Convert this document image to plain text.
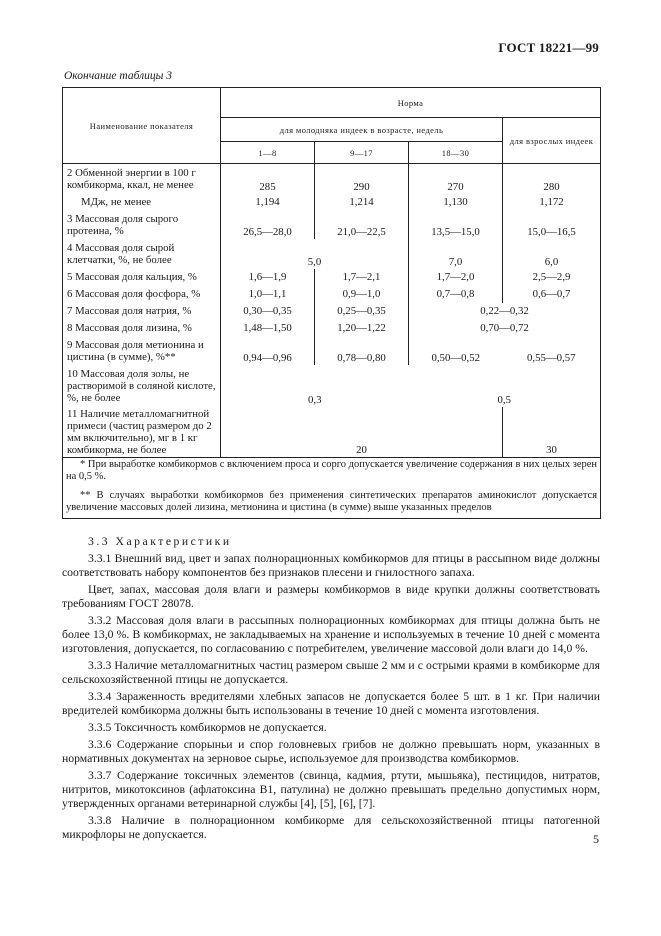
ГОСТ 18221—99
Окончание таблицы 3
Наименование показателя	Норма			
	для молодняка индеек в возрасте, недель			для взрослых индеек
	1—8	9—17	18—30	
2 Обменной энергии в 100 г комбикорма, ккал, не менее	285	290	270	280
МДж, не менее	1,194	1,214	1,130	1,172
3 Массовая доля сырого протеина, %	26,5—28,0	21,0—22,5	13,5—15,0	15,0—16,5
4 Массовая доля сырой клетчатки, %, не более	5,0		7,0	6,0
5 Массовая доля кальция, %	1,6—1,9	1,7—2,1	1,7—2,0	2,5—2,9
6 Массовая доля фосфора, %	1,0—1,1	0,9—1,0	0,7—0,8	0,6—0,7
7 Массовая доля натрия, %	0,30—0,35	0,25—0,35	0,22—0,32	
8 Массовая доля лизина, %	1,48—1,50	1,20—1,22	0,70—0,72	
9 Массовая доля метионина и цистина (в сумме), %**	0,94—0,96	0,78—0,80	0,50—0,52	0,55—0,57
10 Массовая доля золы, не растворимой в соляной кислоте, %, не более	0,3		0,5	
11 Наличие металломагнитной примеси (частиц размером до 2 мм включительно), мг в 1 кг комбикорма, не более	20			30

* При выработке комбикормов с включением проса и сорго допускается увеличение содержания в них целых зерен на 0,5 %.

** В случаях выработки комбикормов без применения синтетических препаратов аминокислот допускается увеличение массовых долей лизина, метионина и цистина (в сумме) выше указанных пределов				

3.3 Характеристики

3.3.1 Внешний вид, цвет и запах полнорационных комбикормов для птицы в рассыпном виде должны соответствовать набору компонентов без признаков плесени и гнилостного запаха.

Цвет, запах, массовая доля влаги и размеры комбикормов в виде крупки должны соответствовать требованиям ГОСТ 28078.

3.3.2 Массовая доля влаги в рассыпных полнорационных комбикормах для птицы должна быть не более 13,0 %. В комбикормах, не закладываемых на хранение и используемых в течение 10 дней с момента изготовления, допускается, по согласованию с потребителем, увеличение массовой доли влаги до 14,0 %.

3.3.3 Наличие металломагнитных частиц размером свыше 2 мм и с острыми краями в комбикорме для сельскохозяйственной птицы не допускается.

3.3.4 Зараженность вредителями хлебных запасов не допускается более 5 шт. в 1 кг. При наличии вредителей комбикорма должны быть использованы в течение 10 дней с момента изготовления.

3.3.5 Токсичность комбикормов не допускается.

3.3.6 Содержание спорыньи и спор головневых грибов не должно превышать норм, указанных в нормативных документах на зерновое сырье, используемое для производства комбикормов.

3.3.7 Содержание токсичных элементов (свинца, кадмия, ртути, мышьяка), пестицидов, нитратов, нитритов, микотоксинов (афлатоксина B1, патулина) не должно превышать предельно допустимых норм, утвержденных органами ветеринарной службы [4], [5], [6], [7].

3.3.8 Наличие в полнорационном комбикорме для сельскохозяйственной птицы патогенной микрофлоры не допускается.	5
